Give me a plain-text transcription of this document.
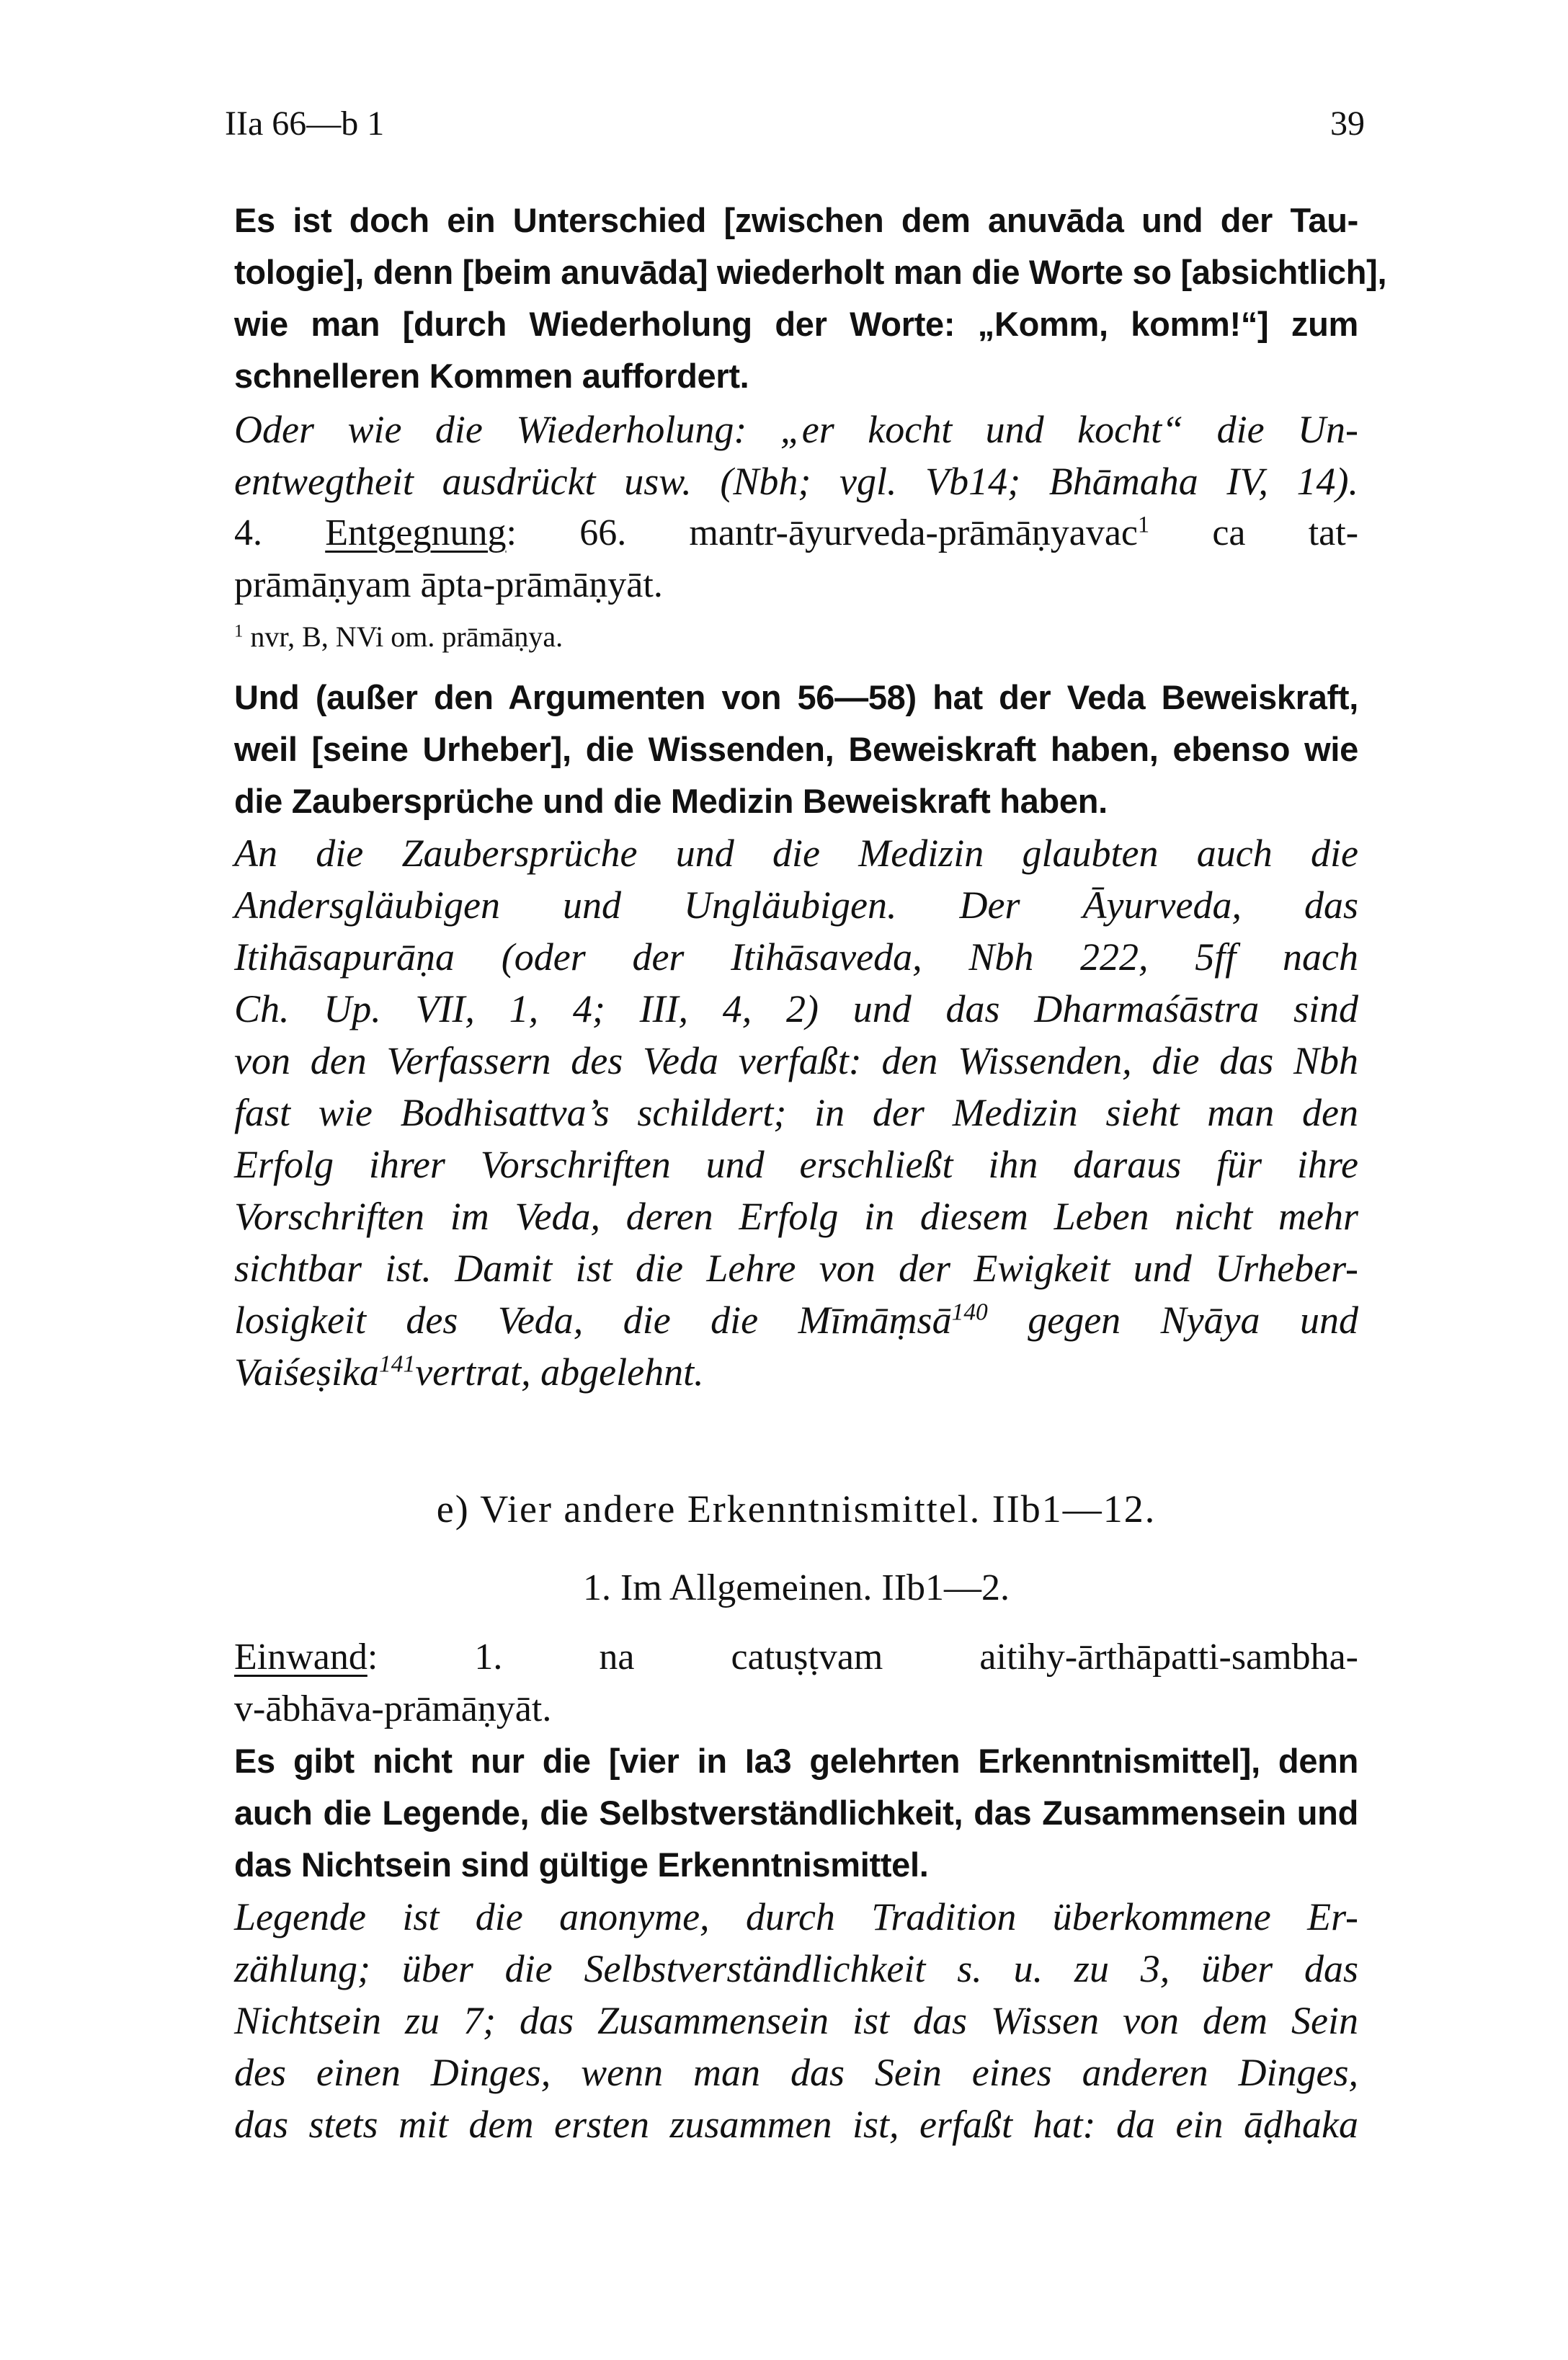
IIa 66—b 1	39
Es ist doch ein Unterschied [zwischen dem anuvāda und der Tau-
tologie], denn [beim anuvāda] wiederholt man die Worte so [absichtlich],
wie man [durch Wiederholung der Worte: „Komm, komm!“] zum
schnelleren Kommen auffordert.
Oder wie die Wiederholung: „er kocht und kocht“ die Un-
entwegtheit ausdrückt usw. (Nbh; vgl. Vb14; Bhāmaha IV, 14).
4. Entgegnung: 66. mantr-āyurveda-prāmāṇyavac$^1$ ca tat-
prāmāṇyam āpta-prāmāṇyāt.
$^1$ nvr, B, NVi om. prāmāṇya.
Und (außer den Argumenten von 56—58) hat der Veda Beweiskraft,
weil [seine Urheber], die Wissenden, Beweiskraft haben, ebenso wie
die Zaubersprüche und die Medizin Beweiskraft haben.
An die Zaubersprüche und die Medizin glaubten auch die
Andersgläubigen und Ungläubigen. Der Āyurveda, das
Itihāsapurāṇa (oder der Itihāsaveda, Nbh 222, 5ff nach
Ch. Up. VII, 1, 4; III, 4, 2) und das Dharmaśāstra sind
von den Verfassern des Veda verfaßt: den Wissenden, die das Nbh
fast wie Bodhisattva’s schildert; in der Medizin sieht man den
Erfolg ihrer Vorschriften und erschließt ihn daraus für ihre
Vorschriften im Veda, deren Erfolg in diesem Leben nicht mehr
sichtbar ist. Damit ist die Lehre von der Ewigkeit und Urheber-
losigkeit des Veda, die die Mīmāṃsā$^{140}$ gegen Nyāya und
Vaiśeṣika$^{141}$vertrat, abgelehnt.
e) Vier andere Erkenntnismittel. IIb1—12.
1. Im Allgemeinen. IIb1—2.
Einwand: 1. na catuṣṭvam aitihy-ārthāpatti-sambha-
v-ābhāva-prāmāṇyāt.
Es gibt nicht nur die [vier in Ia3 gelehrten Erkenntnismittel], denn
auch die Legende, die Selbstverständlichkeit, das Zusammensein und
das Nichtsein sind gültige Erkenntnismittel.
Legende ist die anonyme, durch Tradition überkommene Er-
zählung; über die Selbstverständlichkeit s. u. zu 3, über das
Nichtsein zu 7; das Zusammensein ist das Wissen von dem Sein
des einen Dinges, wenn man das Sein eines anderen Dinges,
das stets mit dem ersten zusammen ist, erfaßt hat: da ein āḍhaka
